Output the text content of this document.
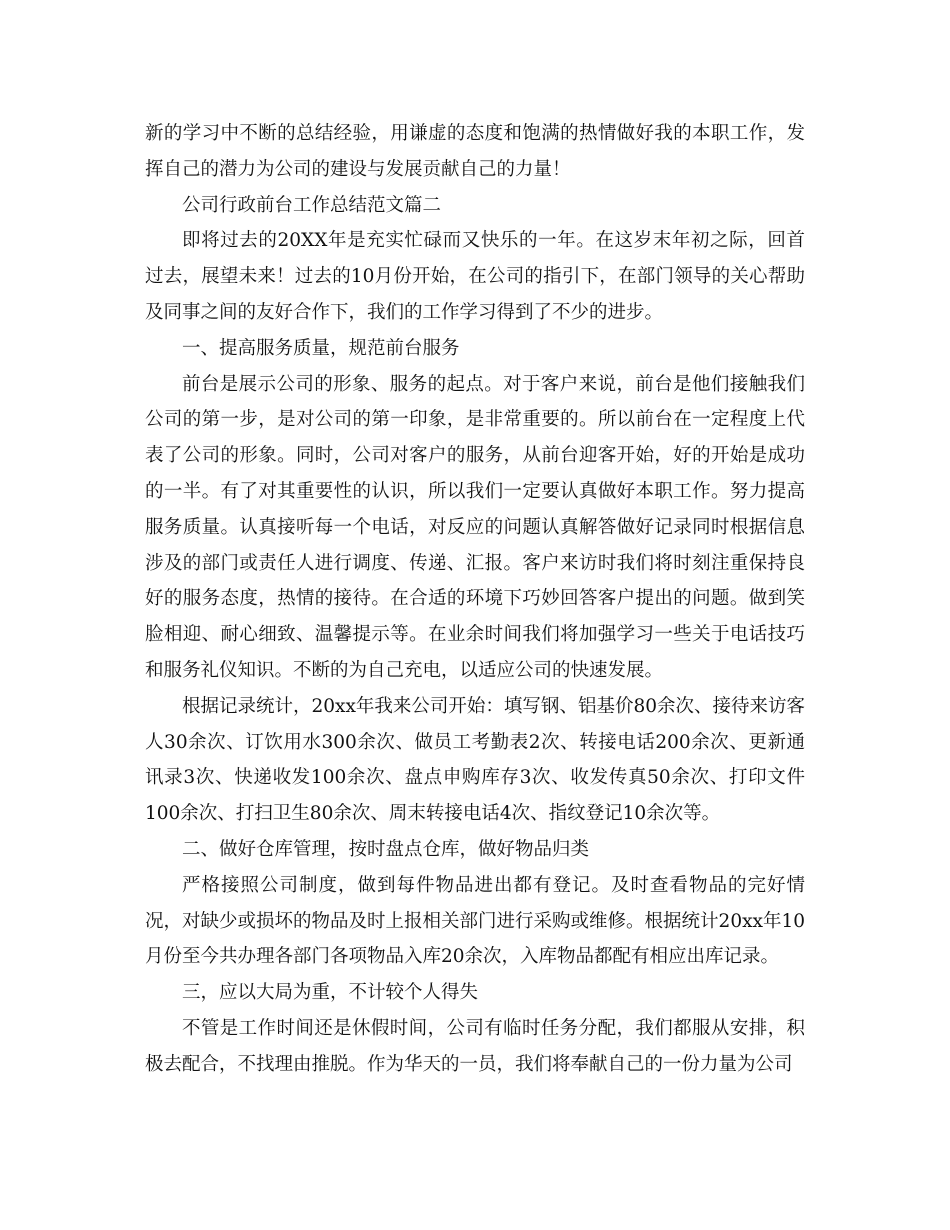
新的学习中不断的总结经验，用谦虚的态度和饱满的热情做好我的本职工作，发挥自己的潜力为公司的建设与发展贡献自己的力量！

公司行政前台工作总结范文篇二

即将过去的20XX年是充实忙碌而又快乐的一年。在这岁末年初之际，回首过去，展望未来！过去的10月份开始，在公司的指引下，在部门领导的关心帮助及同事之间的友好合作下，我们的工作学习得到了不少的进步。

一、提高服务质量，规范前台服务

前台是展示公司的形象、服务的起点。对于客户来说，前台是他们接触我们公司的第一步，是对公司的第一印象，是非常重要的。所以前台在一定程度上代表了公司的形象。同时，公司对客户的服务，从前台迎客开始，好的开始是成功的一半。有了对其重要性的认识，所以我们一定要认真做好本职工作。努力提高服务质量。认真接听每一个电话，对反应的问题认真解答做好记录同时根据信息涉及的部门或责任人进行调度、传递、汇报。客户来访时我们将时刻注重保持良好的服务态度，热情的接待。在合适的环境下巧妙回答客户提出的问题。做到笑脸相迎、耐心细致、温馨提示等。在业余时间我们将加强学习一些关于电话技巧和服务礼仪知识。不断的为自己充电，以适应公司的快速发展。

根据记录统计，20xx年我来公司开始：填写钢、铝基价80余次、接待来访客人30余次、订饮用水300余次、做员工考勤表2次、转接电话200余次、更新通讯录3次、快递收发100余次、盘点申购库存3次、收发传真50余次、打印文件100余次、打扫卫生80余次、周末转接电话4次、指纹登记10余次等。

二、做好仓库管理，按时盘点仓库，做好物品归类

严格接照公司制度，做到每件物品进出都有登记。及时查看物品的完好情况，对缺少或损坏的物品及时上报相关部门进行采购或维修。根据统计20xx年10月份至今共办理各部门各项物品入库20余次，入库物品都配有相应出库记录。

三，应以大局为重，不计较个人得失

不管是工作时间还是休假时间，公司有临时任务分配，我们都服从安排，积极去配合，不找理由推脱。作为华天的一员，我们将奉献自己的一份力量为公司
